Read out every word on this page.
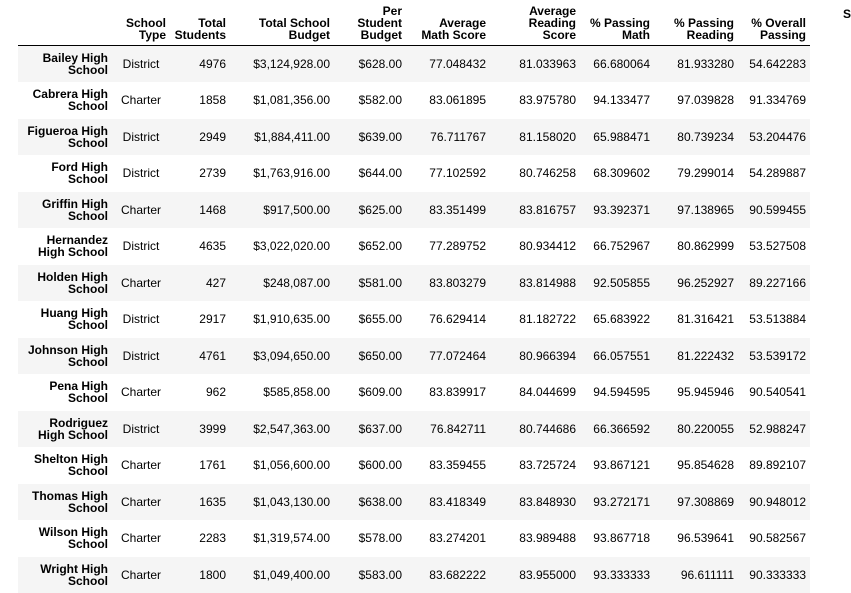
	School Type	Total Students	Total School Budget	Per Student Budget	Average Math Score	Average Reading Score	% Passing Math	% Passing Reading	% Overall Passing
Bailey High School	District	4976	$3,124,928.00	$628.00	77.048432	81.033963	66.680064	81.933280	54.642283
Cabrera High School	Charter	1858	$1,081,356.00	$582.00	83.061895	83.975780	94.133477	97.039828	91.334769
Figueroa High School	District	2949	$1,884,411.00	$639.00	76.711767	81.158020	65.988471	80.739234	53.204476
Ford High School	District	2739	$1,763,916.00	$644.00	77.102592	80.746258	68.309602	79.299014	54.289887
Griffin High School	Charter	1468	$917,500.00	$625.00	83.351499	83.816757	93.392371	97.138965	90.599455
Hernandez High School	District	4635	$3,022,020.00	$652.00	77.289752	80.934412	66.752967	80.862999	53.527508
Holden High School	Charter	427	$248,087.00	$581.00	83.803279	83.814988	92.505855	96.252927	89.227166
Huang High School	District	2917	$1,910,635.00	$655.00	76.629414	81.182722	65.683922	81.316421	53.513884
Johnson High School	District	4761	$3,094,650.00	$650.00	77.072464	80.966394	66.057551	81.222432	53.539172
Pena High School	Charter	962	$585,858.00	$609.00	83.839917	84.044699	94.594595	95.945946	90.540541
Rodriguez High School	District	3999	$2,547,363.00	$637.00	76.842711	80.744686	66.366592	80.220055	52.988247
Shelton High School	Charter	1761	$1,056,600.00	$600.00	83.359455	83.725724	93.867121	95.854628	89.892107
Thomas High School	Charter	1635	$1,043,130.00	$638.00	83.418349	83.848930	93.272171	97.308869	90.948012
Wilson High School	Charter	2283	$1,319,574.00	$578.00	83.274201	83.989488	93.867718	96.539641	90.582567
Wright High School	Charter	1800	$1,049,400.00	$583.00	83.682222	83.955000	93.333333	96.611111	90.333333
S
